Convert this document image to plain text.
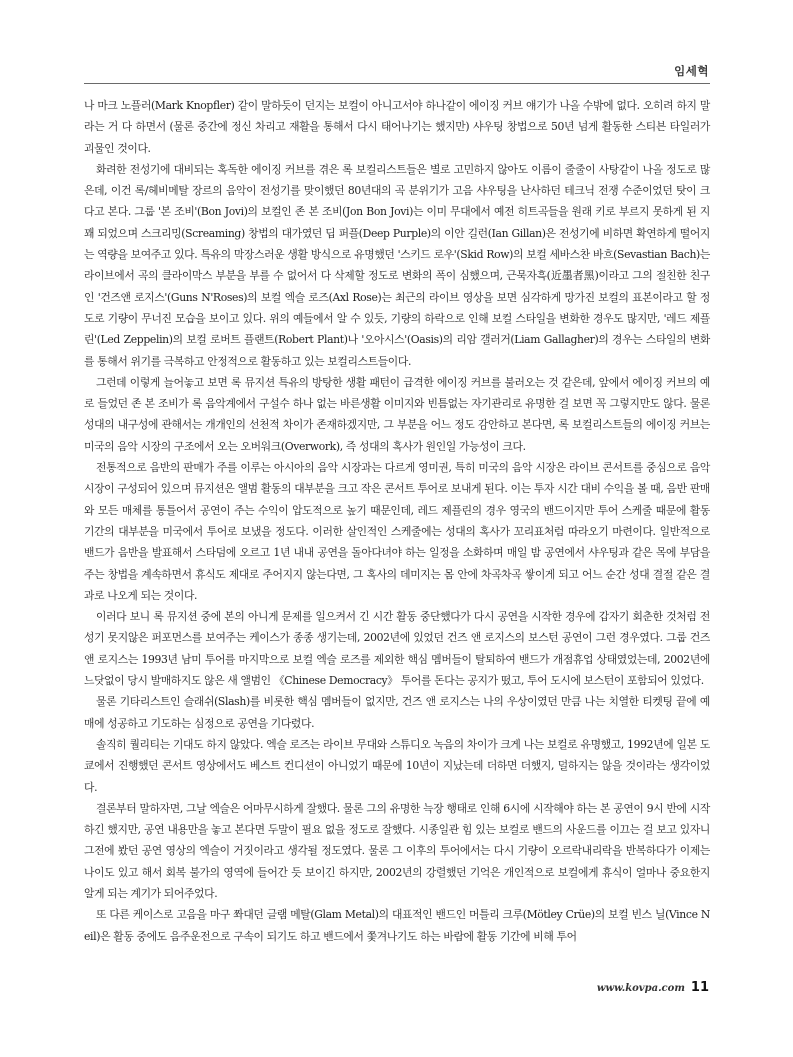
임세혁

나 마크 노플러(Mark Knopfler) 같이 말하듯이 던지는 보컬이 아니고서야 하나같이 에이징 커브 얘기가 나올 수밖에 없다. 오히려 하지 말라는 거 다 하면서 (물론 중간에 정신 차리고 재활을 통해서 다시 태어나기는 했지만) 샤우팅 창법으로 50년 넘게 활동한 스티븐 타일러가 괴물인 것이다.

화려한 전성기에 대비되는 혹독한 에이징 커브를 겪은 록 보컬리스트들은 별로 고민하지 않아도 이름이 줄줄이 사탕같이 나올 정도로 많은데, 이건 록/헤비메탈 장르의 음악이 전성기를 맞이했던 80년대의 곡 분위기가 고음 샤우팅을 난사하던 테크닉 전쟁 수준이었던 탓이 크다고 본다. 그룹 '본 조비'(Bon Jovi)의 보컬인 존 본 조비(Jon Bon Jovi)는 이미 무대에서 예전 히트곡들을 원래 키로 부르지 못하게 된 지 꽤 되었으며 스크리밍(Screaming) 창법의 대가였던 딥 퍼플(Deep Purple)의 이안 길런(Ian Gillan)은 전성기에 비하면 확연하게 떨어지는 역량을 보여주고 있다. 특유의 막장스러운 생활 방식으로 유명했던 '스키드 로우'(Skid Row)의 보컬 세바스찬 바흐(Sevastian Bach)는 라이브에서 곡의 클라이막스 부분을 부를 수 없어서 다 삭제할 정도로 변화의 폭이 심했으며, 근묵자흑(近墨者黑)이라고 그의 절친한 친구인 '건즈앤 로지스'(Guns N'Roses)의 보컬 엑슬 로즈(Axl Rose)는 최근의 라이브 영상을 보면 심각하게 망가진 보컬의 표본이라고 할 정도로 기량이 무너진 모습을 보이고 있다. 위의 예들에서 알 수 있듯, 기량의 하락으로 인해 보컬 스타일을 변화한 경우도 많지만, '레드 제플린'(Led Zeppelin)의 보컬 로버트 플랜트(Robert Plant)나 '오아시스'(Oasis)의 리암 갤러거(Liam Gallagher)의 경우는 스타일의 변화를 통해서 위기를 극복하고 안정적으로 활동하고 있는 보컬리스트들이다.

그런데 이렇게 늘어놓고 보면 록 뮤지션 특유의 방탕한 생활 패턴이 급격한 에이징 커브를 불러오는 것 같은데, 앞에서 에이징 커브의 예로 들었던 존 본 조비가 록 음악계에서 구설수 하나 없는 바른생활 이미지와 빈틈없는 자기관리로 유명한 걸 보면 꼭 그렇지만도 않다. 물론 성대의 내구성에 관해서는 개개인의 선천적 차이가 존재하겠지만, 그 부분을 어느 정도 감안하고 본다면, 록 보컬리스트들의 에이징 커브는 미국의 음악 시장의 구조에서 오는 오버워크(Overwork), 즉 성대의 혹사가 원인일 가능성이 크다.

전통적으로 음반의 판매가 주를 이루는 아시아의 음악 시장과는 다르게 영미권, 특히 미국의 음악 시장은 라이브 콘서트를 중심으로 음악 시장이 구성되어 있으며 뮤지션은 앨범 활동의 대부분을 크고 작은 콘서트 투어로 보내게 된다. 이는 투자 시간 대비 수익을 볼 때, 음반 판매와 모든 매체를 통틀어서 공연이 주는 수익이 압도적으로 높기 때문인데, 레드 제플린의 경우 영국의 밴드이지만 투어 스케줄 때문에 활동 기간의 대부분을 미국에서 투어로 보냈을 정도다. 이러한 살인적인 스케줄에는 성대의 혹사가 꼬리표처럼 따라오기 마련이다. 일반적으로 밴드가 음반을 발표해서 스타덤에 오르고 1년 내내 공연을 돌아다녀야 하는 일정을 소화하며 매일 밤 공연에서 샤우팅과 같은 목에 부담을 주는 창법을 계속하면서 휴식도 제대로 주어지지 않는다면, 그 혹사의 데미지는 몸 안에 차곡차곡 쌓이게 되고 어느 순간 성대 결절 같은 결과로 나오게 되는 것이다.

이러다 보니 록 뮤지션 중에 본의 아니게 문제를 일으켜서 긴 시간 활동 중단했다가 다시 공연을 시작한 경우에 갑자기 회춘한 것처럼 전성기 못지않은 퍼포먼스를 보여주는 케이스가 종종 생기는데, 2002년에 있었던 건즈 앤 로지스의 보스턴 공연이 그런 경우였다. 그룹 건즈 앤 로지스는 1993년 남미 투어를 마지막으로 보컬 엑슬 로즈를 제외한 핵심 멤버들이 탈퇴하여 밴드가 개점휴업 상태였었는데, 2002년에 느닷없이 당시 발매하지도 않은 새 앨범인 《Chinese Democracy》 투어를 돈다는 공지가 떴고, 투어 도시에 보스턴이 포함되어 있었다.

물론 기타리스트인 슬래쉬(Slash)를 비롯한 핵심 멤버들이 없지만, 건즈 앤 로지스는 나의 우상이였던 만큼 나는 치열한 티켓팅 끝에 예매에 성공하고 기도하는 심정으로 공연을 기다렸다.

솔직히 퀄리티는 기대도 하지 않았다. 엑슬 로즈는 라이브 무대와 스튜디오 녹음의 차이가 크게 나는 보컬로 유명했고, 1992년에 일본 도쿄에서 진행했던 콘서트 영상에서도 베스트 컨디션이 아니었기 때문에 10년이 지났는데 더하면 더했지, 덜하지는 않을 것이라는 생각이었다.

결론부터 말하자면, 그날 엑슬은 어마무시하게 잘했다. 물론 그의 유명한 늑장 행태로 인해 6시에 시작해야 하는 본 공연이 9시 반에 시작하긴 했지만, 공연 내용만을 놓고 본다면 두말이 필요 없을 정도로 잘했다. 시종일관 힘 있는 보컬로 밴드의 사운드를 이끄는 걸 보고 있자니 그전에 봤던 공연 영상의 엑슬이 거짓이라고 생각될 정도였다. 물론 그 이후의 투어에서는 다시 기량이 오르락내리락을 반복하다가 이제는 나이도 있고 해서 회복 불가의 영역에 들어간 듯 보이긴 하지만, 2002년의 강렬했던 기억은 개인적으로 보컬에게 휴식이 얼마나 중요한지 알게 되는 계기가 되어주었다.

또 다른 케이스로 고음을 마구 쫘대던 글램 메탈(Glam Metal)의 대표적인 밴드인 머틀리 크루(Mötley Crüe)의 보컬 빈스 닐(Vince Neil)은 활동 중에도 음주운전으로 구속이 되기도 하고 밴드에서 쫓겨나기도 하는 바람에 활동 기간에 비해 투어

www.kovpa.com 11
